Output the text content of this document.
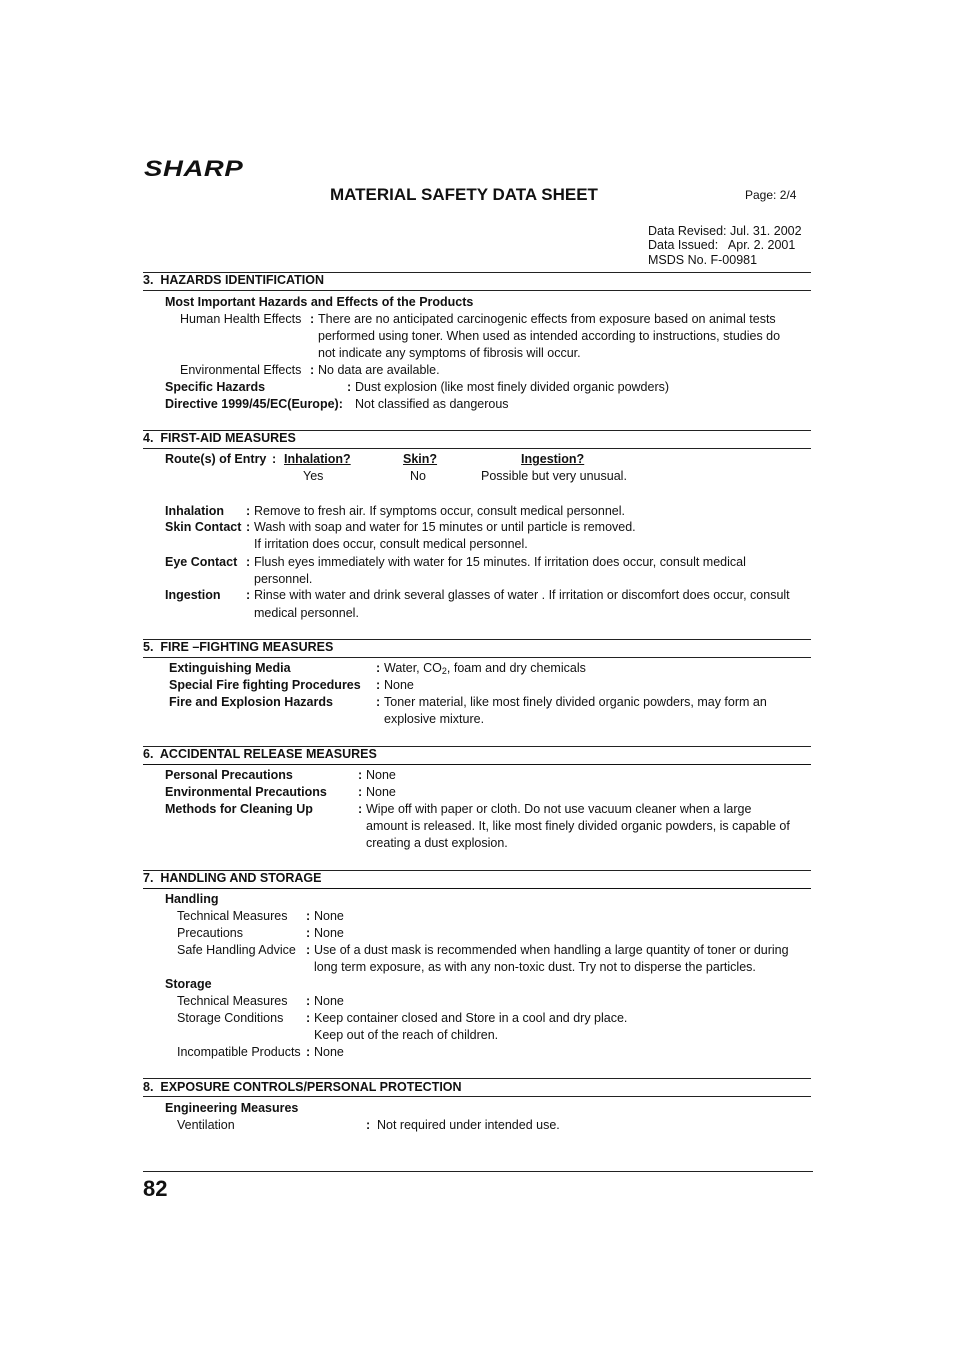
SHARP
MATERIAL SAFETY DATA SHEET	Page: 2/4
Data Revised: Jul. 31. 2002
Data Issued:   Apr. 2. 2001
MSDS No. F-00981
3.  HAZARDS IDENTIFICATION
Most Important Hazards and Effects of the Products
Human Health Effects : There are no anticipated carcinogenic effects from exposure based on animal tests
performed using toner. When used as intended according to instructions, studies do
not indicate any symptoms of fibrosis will occur.
Environmental Effects : No data are available.
Specific Hazards	: Dust explosion (like most finely divided organic powders)
Directive 1999/45/EC(Europe): Not classified as dangerous
4.  FIRST-AID MEASURES
Route(s) of Entry : Inhalation?	Skin?	Ingestion?
Yes	No	Possible but very unusual.
Inhalation : Remove to fresh air. If symptoms occur, consult medical personnel.
Skin Contact : Wash with soap and water for 15 minutes or until particle is removed.
If irritation does occur, consult medical personnel.
Eye Contact : Flush eyes immediately with water for 15 minutes. If irritation does occur, consult medical
personnel.
Ingestion : Rinse with water and drink several glasses of water . If irritation or discomfort does occur, consult
medical personnel.
5.  FIRE –FIGHTING MEASURES
Extinguishing Media	: Water, $CO_2$, foam and dry chemicals
Special Fire fighting Procedures : None
Fire and Explosion Hazards	: Toner material, like most finely divided organic powders, may form an
explosive mixture.
6.  ACCIDENTAL RELEASE MEASURES
Personal Precautions	: None
Environmental Precautions : None
Methods for Cleaning Up	: Wipe off with paper or cloth. Do not use vacuum cleaner when a large
amount is released. It, like most finely divided organic powders, is capable of
creating a dust explosion.
7.  HANDLING AND STORAGE
Handling
Technical Measures : None
Precautions	: None
Safe Handling Advice : Use of a dust mask is recommended when handling a large quantity of toner or during
long term exposure, as with any non-toxic dust. Try not to disperse the particles.
Storage
Technical Measures : None
Storage Conditions : Keep container closed and Store in a cool and dry place.
Keep out of the reach of children.
Incompatible Products : None
8.  EXPOSURE CONTROLS/PERSONAL PROTECTION
Engineering Measures
Ventilation	: Not required under intended use.
82
